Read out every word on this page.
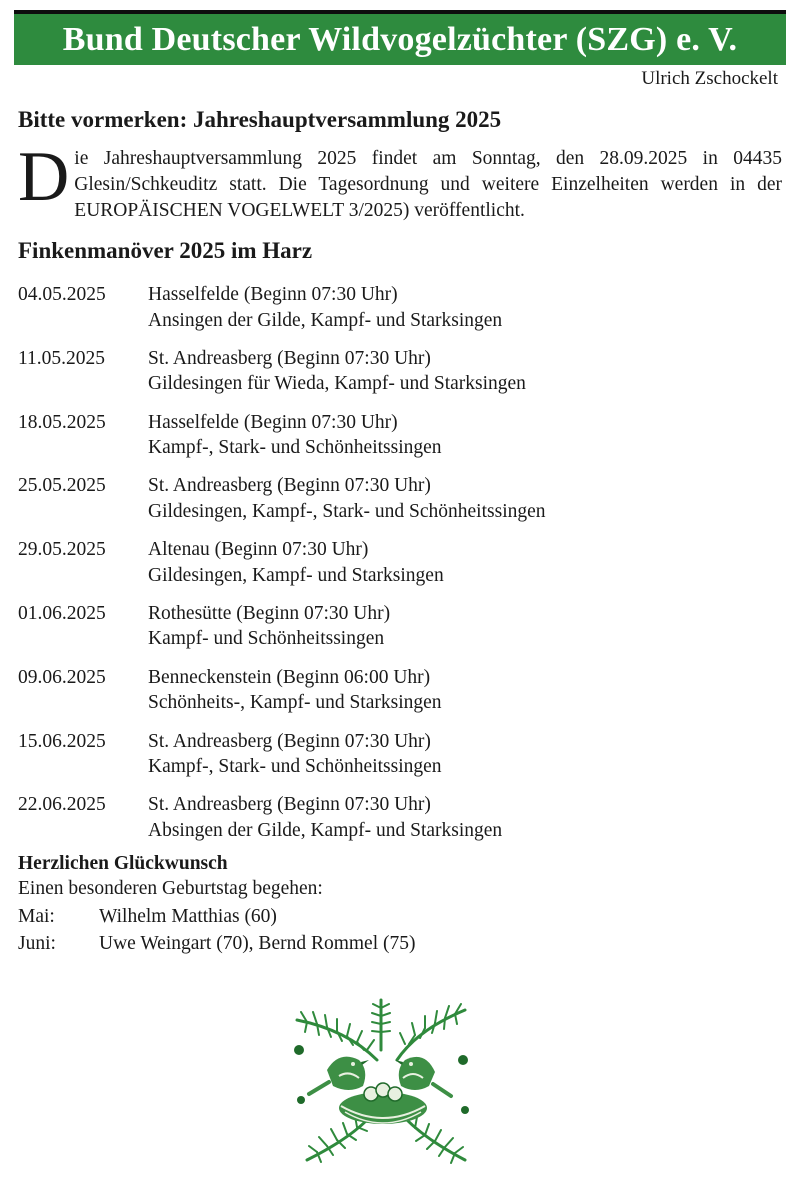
Bund Deutscher Wildvogelzüchter (SZG) e. V.
Ulrich Zschockelt
Bitte vormerken: Jahreshauptversammlung 2025
Die Jahreshauptversammlung 2025 findet am Sonntag, den 28.09.2025 in 04435 Glesin/Schkeuditz statt. Die Tagesordnung und weitere Einzelheiten werden in der EUROPÄISCHEN VOGELWELT 3/2025) veröffentlicht.
Finkenmanöver 2025 im Harz
04.05.2025	Hasselfelde (Beginn 07:30 Uhr)
Ansingen der Gilde, Kampf- und Starksingen
11.05.2025	St. Andreasberg (Beginn 07:30 Uhr)
Gildesingen für Wieda, Kampf- und Starksingen
18.05.2025	Hasselfelde (Beginn 07:30 Uhr)
Kampf-, Stark- und Schönheitssingen
25.05.2025	St. Andreasberg (Beginn 07:30 Uhr)
Gildesingen, Kampf-, Stark- und Schönheitssingen
29.05.2025	Altenau (Beginn 07:30 Uhr)
Gildesingen, Kampf- und Starksingen
01.06.2025	Rothesütte (Beginn 07:30 Uhr)
Kampf- und Schönheitssingen
09.06.2025	Benneckenstein (Beginn 06:00 Uhr)
Schönheits-, Kampf- und Starksingen
15.06.2025	St. Andreasberg (Beginn 07:30 Uhr)
Kampf-, Stark- und Schönheitssingen
22.06.2025	St. Andreasberg (Beginn 07:30 Uhr)
Absingen der Gilde, Kampf- und Starksingen
Herzlichen Glückwunsch
Einen besonderen Geburtstag begehen:
Mai:	Wilhelm Matthias (60)
Juni:	Uwe Weingart (70), Bernd Rommel (75)
